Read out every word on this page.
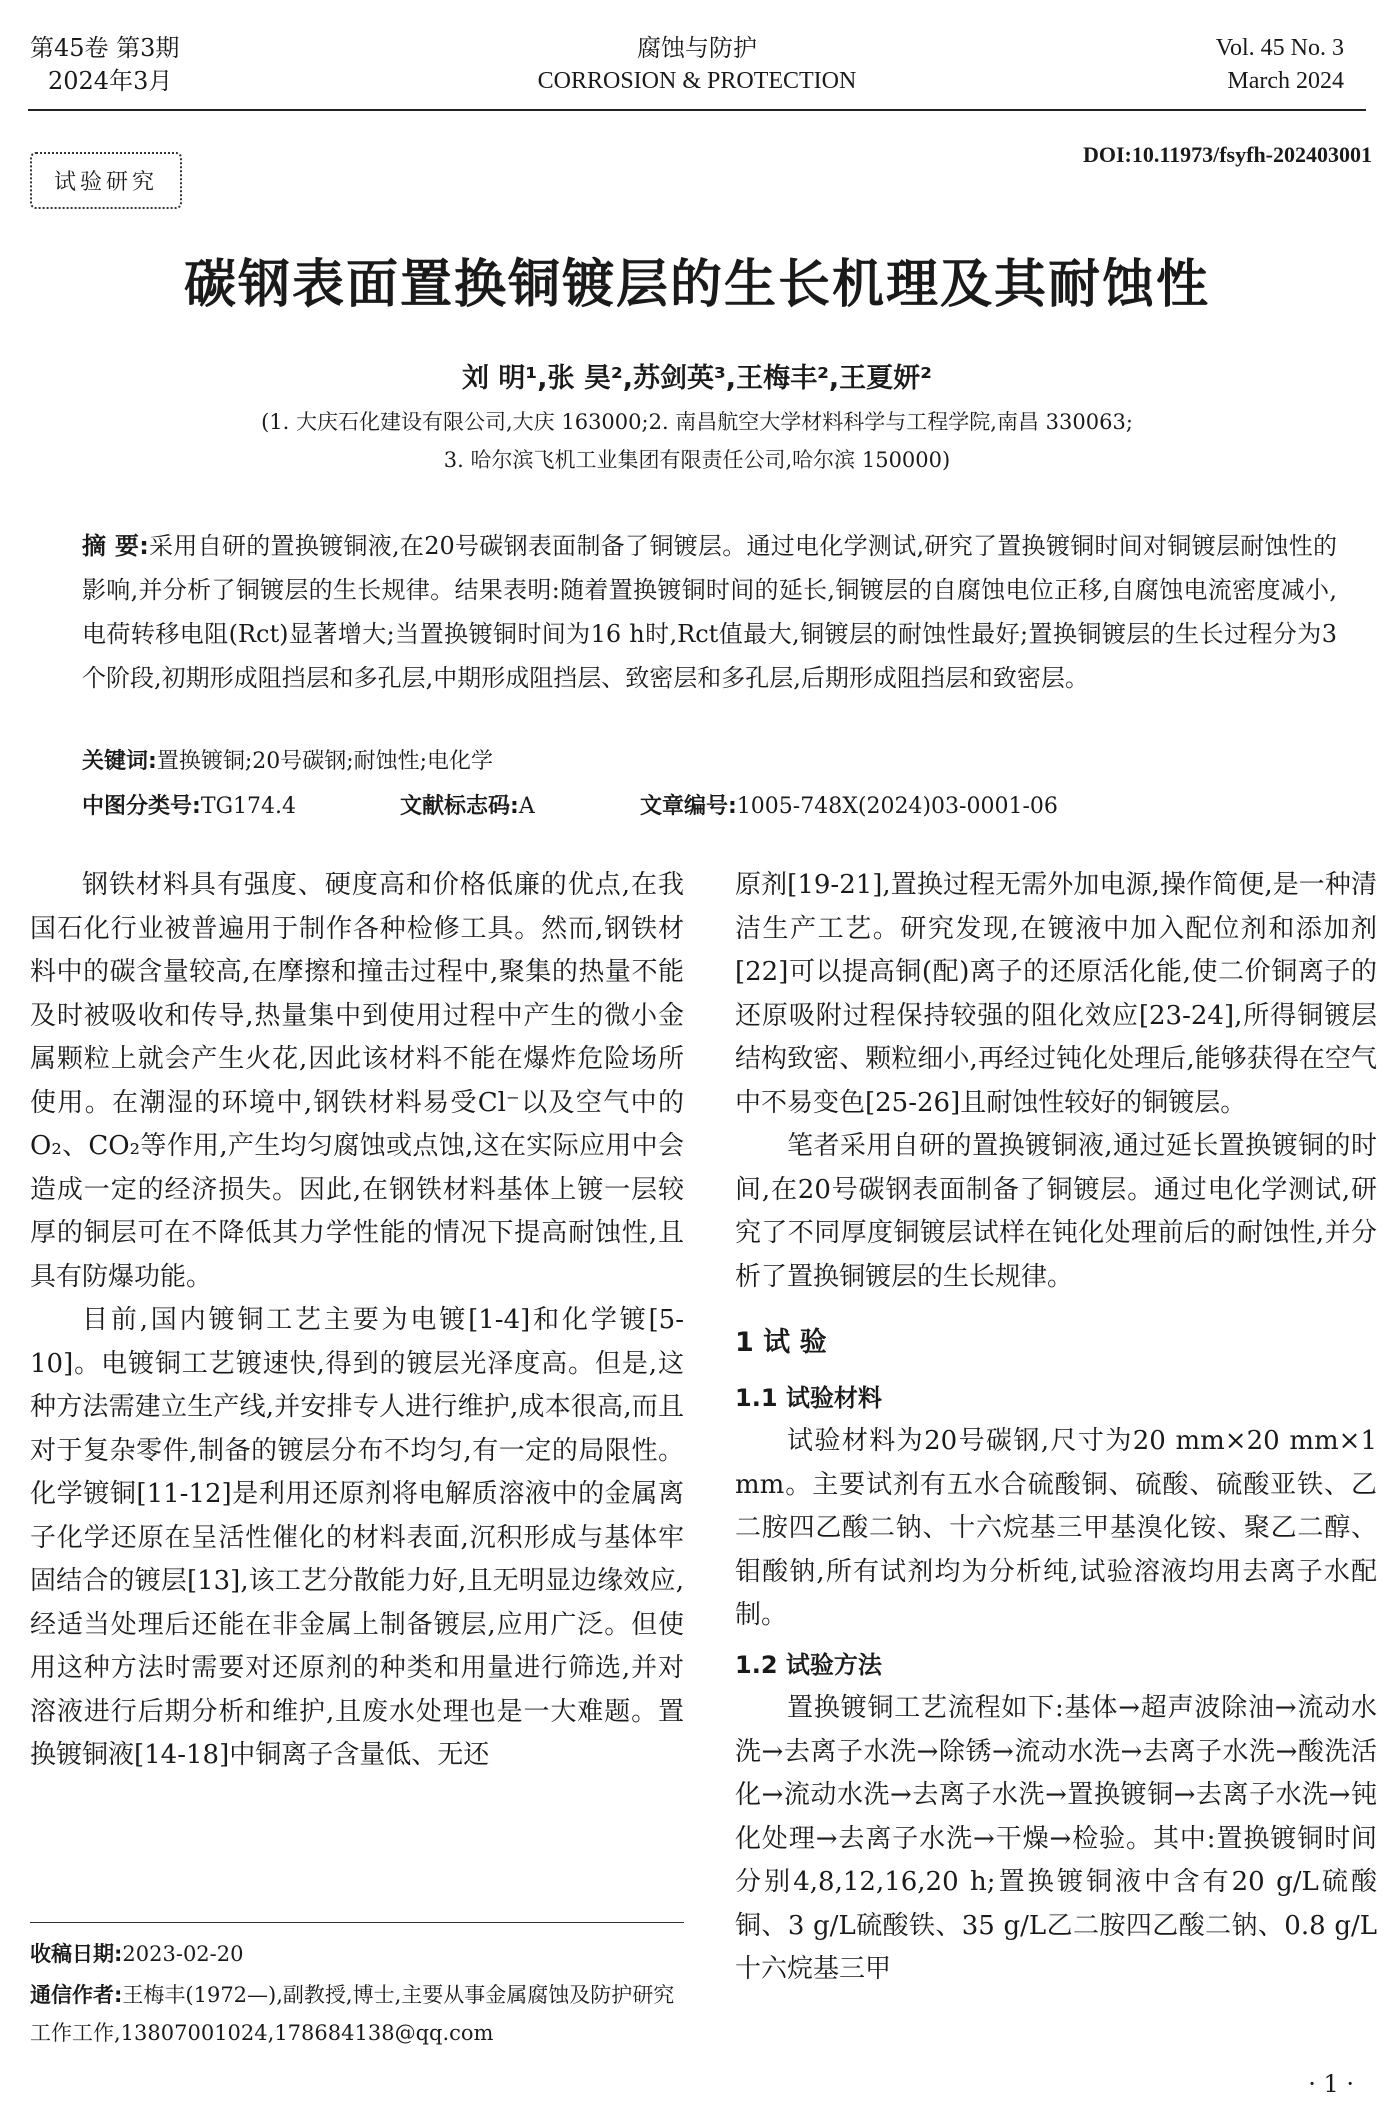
第45卷 第3期
2024年3月
腐蚀与防护
CORROSION & PROTECTION
Vol. 45 No. 3
March 2024
DOI:10.11973/fsyfh-202403001
试验研究
碳钢表面置换铜镀层的生长机理及其耐蚀性
刘 明¹,张 昊²,苏剑英³,王梅丰²,王夏妍²
(1. 大庆石化建设有限公司,大庆 163000;2. 南昌航空大学材料科学与工程学院,南昌 330063;
3. 哈尔滨飞机工业集团有限责任公司,哈尔滨 150000)
摘 要:采用自研的置换镀铜液,在20号碳钢表面制备了铜镀层。通过电化学测试,研究了置换镀铜时间对铜镀层耐蚀性的影响,并分析了铜镀层的生长规律。结果表明:随着置换镀铜时间的延长,铜镀层的自腐蚀电位正移,自腐蚀电流密度减小,电荷转移电阻(Rct)显著增大;当置换镀铜时间为16 h时,Rct值最大,铜镀层的耐蚀性最好;置换铜镀层的生长过程分为3个阶段,初期形成阻挡层和多孔层,中期形成阻挡层、致密层和多孔层,后期形成阻挡层和致密层。
关键词:置换镀铜;20号碳钢;耐蚀性;电化学
中图分类号:TG174.4	文献标志码:A	文章编号:1005-748X(2024)03-0001-06

钢铁材料具有强度、硬度高和价格低廉的优点,在我国石化行业被普遍用于制作各种检修工具。然而,钢铁材料中的碳含量较高,在摩擦和撞击过程中,聚集的热量不能及时被吸收和传导,热量集中到使用过程中产生的微小金属颗粒上就会产生火花,因此该材料不能在爆炸危险场所使用。在潮湿的环境中,钢铁材料易受Cl⁻以及空气中的O₂、CO₂等作用,产生均匀腐蚀或点蚀,这在实际应用中会造成一定的经济损失。因此,在钢铁材料基体上镀一层较厚的铜层可在不降低其力学性能的情况下提高耐蚀性,且具有防爆功能。

目前,国内镀铜工艺主要为电镀[1-4]和化学镀[5-10]。电镀铜工艺镀速快,得到的镀层光泽度高。但是,这种方法需建立生产线,并安排专人进行维护,成本很高,而且对于复杂零件,制备的镀层分布不均匀,有一定的局限性。化学镀铜[11-12]是利用还原剂将电解质溶液中的金属离子化学还原在呈活性催化的材料表面,沉积形成与基体牢固结合的镀层[13],该工艺分散能力好,且无明显边缘效应,经适当处理后还能在非金属上制备镀层,应用广泛。但使用这种方法时需要对还原剂的种类和用量进行筛选,并对溶液进行后期分析和维护,且废水处理也是一大难题。置换镀铜液[14-18]中铜离子含量低、无还

原剂[19-21],置换过程无需外加电源,操作简便,是一种清洁生产工艺。研究发现,在镀液中加入配位剂和添加剂[22]可以提高铜(配)离子的还原活化能,使二价铜离子的还原吸附过程保持较强的阻化效应[23-24],所得铜镀层结构致密、颗粒细小,再经过钝化处理后,能够获得在空气中不易变色[25-26]且耐蚀性较好的铜镀层。

笔者采用自研的置换镀铜液,通过延长置换镀铜的时间,在20号碳钢表面制备了铜镀层。通过电化学测试,研究了不同厚度铜镀层试样在钝化处理前后的耐蚀性,并分析了置换铜镀层的生长规律。

1 试 验
1.1 试验材料

试验材料为20号碳钢,尺寸为20 mm×20 mm×1 mm。主要试剂有五水合硫酸铜、硫酸、硫酸亚铁、乙二胺四乙酸二钠、十六烷基三甲基溴化铵、聚乙二醇、钼酸钠,所有试剂均为分析纯,试验溶液均用去离子水配制。

1.2 试验方法

置换镀铜工艺流程如下:基体→超声波除油→流动水洗→去离子水洗→除锈→流动水洗→去离子水洗→酸洗活化→流动水洗→去离子水洗→置换镀铜→去离子水洗→钝化处理→去离子水洗→干燥→检验。其中:置换镀铜时间分别4,8,12,16,20 h;置换镀铜液中含有20 g/L硫酸铜、3 g/L硫酸铁、35 g/L乙二胺四乙酸二钠、0.8 g/L十六烷基三甲

收稿日期:2023-02-20
通信作者:王梅丰(1972—),副教授,博士,主要从事金属腐蚀及防护研究工作工作,13807001024,178684138@qq.com
· 1 ·
